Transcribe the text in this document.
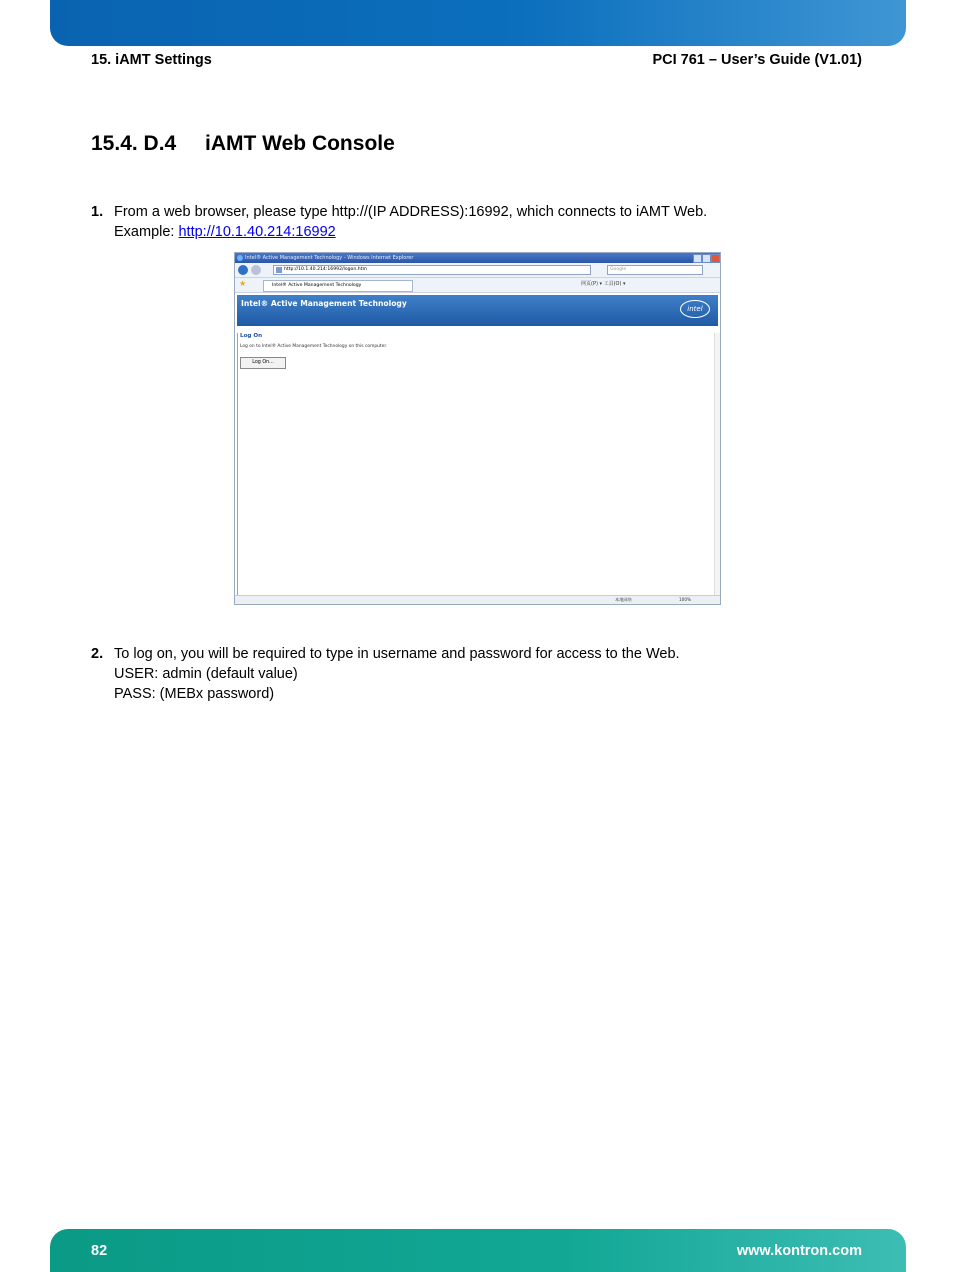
15. iAMT Settings	PCI 761 – User’s Guide (V1.01)
15.4. D.4 iAMT Web Console
1. From a web browser, please type http://(IP ADDRESS):16992, which connects to iAMT Web.
Example: http://10.1.40.214:16992
Intel® Active Management Technology - Windows Internet Explorer
http://10.1.40.214:16992/logon.htm	Google
★	Intel® Active Management Technology	网页(P) ▾ 工具(O) ▾
Intel® Active Management Technology
intel
Log On
Log on to Intel® Active Management Technology on this computer.
Log On...
本地网络	100%
2. To log on, you will be required to type in username and password for access to the Web.
USER: admin (default value)
PASS: (MEBx password)
82	www.kontron.com
